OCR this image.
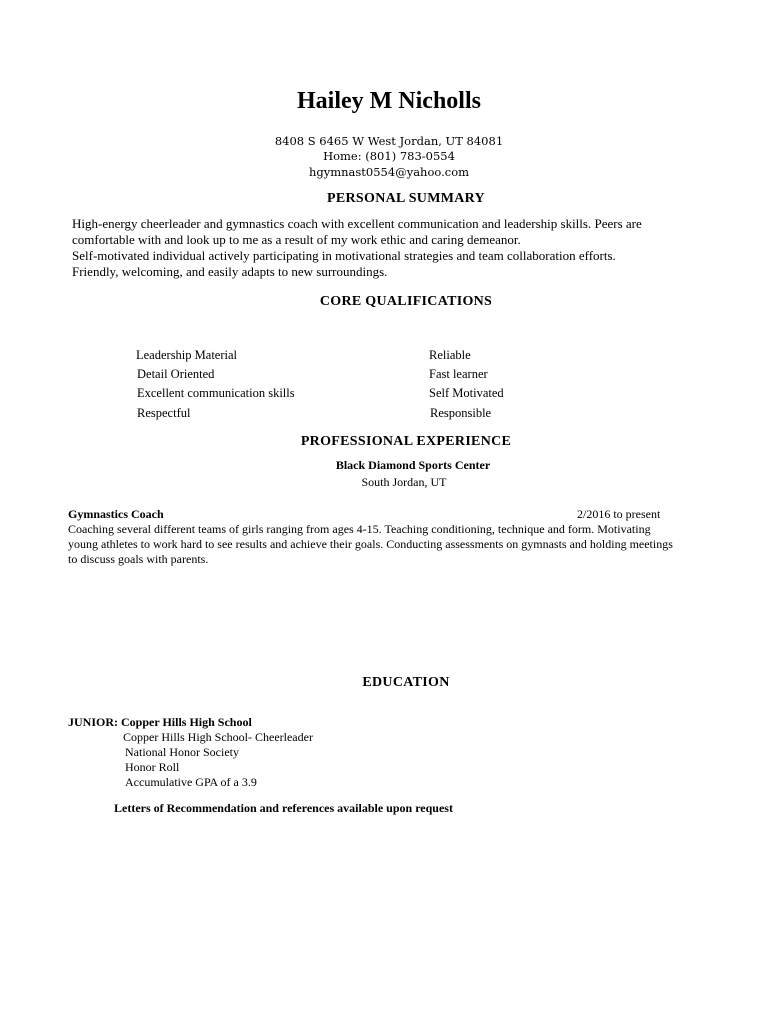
Hailey M Nicholls
8408 S 6465 W West Jordan, UT 84081
Home: (801) 783-0554
hgymnast0554@yahoo.com
PERSONAL SUMMARY
High-energy cheerleader and gymnastics coach with excellent communication and leadership skills. Peers are
comfortable with and look up to me as a result of my work ethic and caring demeanor.
Self-motivated individual actively participating in motivational strategies and team collaboration efforts.
Friendly, welcoming, and easily adapts to new surroundings.
CORE QUALIFICATIONS
Leadership Material
Detail Oriented
Excellent communication skills
Respectful
Reliable
Fast learner
Self Motivated
Responsible
PROFESSIONAL EXPERIENCE
Black Diamond Sports Center
South Jordan, UT
Gymnastics Coach	2/2016 to present
Coaching several different teams of girls ranging from ages 4-15. Teaching conditioning, technique and form. Motivating
young athletes to work hard to see results and achieve their goals. Conducting assessments on gymnasts and holding meetings
to discuss goals with parents.
EDUCATION
JUNIOR: Copper Hills High School
Copper Hills High School- Cheerleader
National Honor Society
Honor Roll
Accumulative GPA of a 3.9
Letters of Recommendation and references available upon request
